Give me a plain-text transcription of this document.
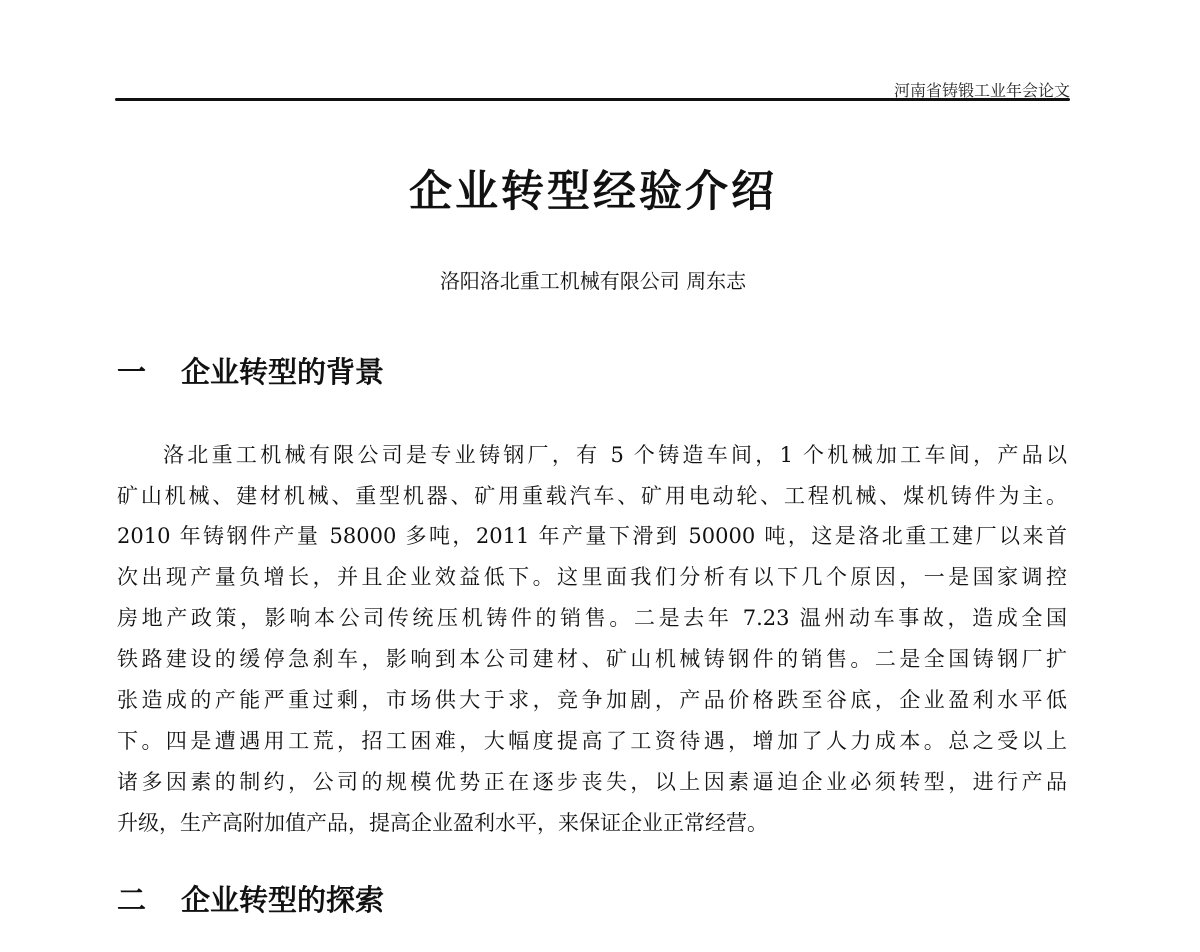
河南省铸锻工业年会论文
企业转型经验介绍
洛阳洛北重工机械有限公司 周东志
一 企业转型的背景
洛北重工机械有限公司是专业铸钢厂，有 5 个铸造车间，1 个机械加工车间，产品以
矿山机械、建材机械、重型机器、矿用重载汽车、矿用电动轮、工程机械、煤机铸件为主。
2010 年铸钢件产量 58000 多吨，2011 年产量下滑到 50000 吨，这是洛北重工建厂以来首
次出现产量负增长，并且企业效益低下。这里面我们分析有以下几个原因，一是国家调控
房地产政策，影响本公司传统压机铸件的销售。二是去年 7.23 温州动车事故，造成全国
铁路建设的缓停急刹车，影响到本公司建材、矿山机械铸钢件的销售。二是全国铸钢厂扩
张造成的产能严重过剩，市场供大于求，竞争加剧，产品价格跌至谷底，企业盈利水平低
下。四是遭遇用工荒，招工困难，大幅度提高了工资待遇，增加了人力成本。总之受以上
诸多因素的制约，公司的规模优势正在逐步丧失，以上因素逼迫企业必须转型，进行产品
升级，生产高附加值产品，提高企业盈利水平，来保证企业正常经营。
二 企业转型的探索
